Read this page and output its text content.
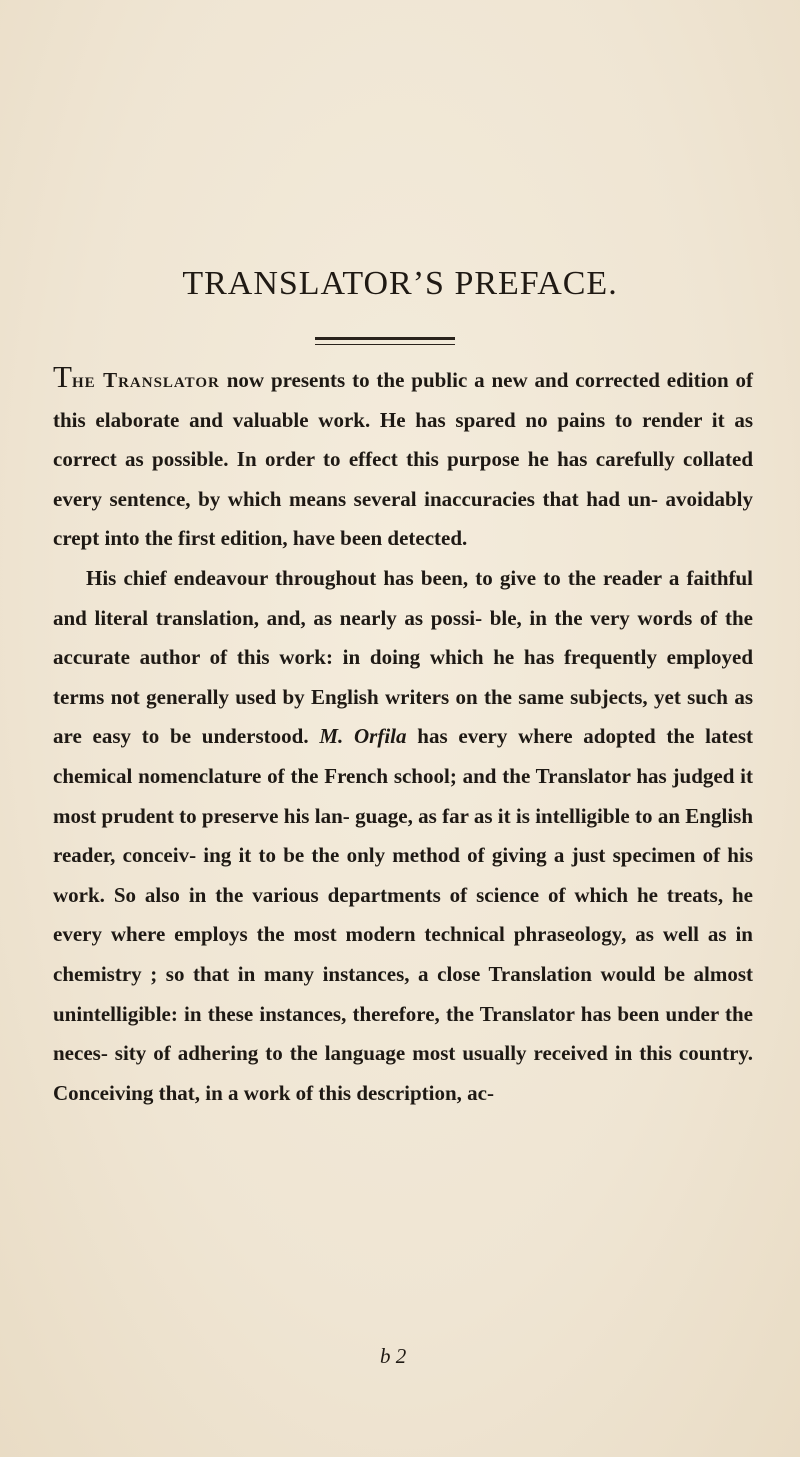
TRANSLATOR’S PREFACE.

The Translator now presents to the public a new and corrected edition of this elaborate and valuable work. He has spared no pains to render it as correct as possible. In order to effect this purpose he has carefully collated every sentence, by which means several inaccuracies that had un- avoidably crept into the first edition, have been detected.

His chief endeavour throughout has been, to give to the reader a faithful and literal translation, and, as nearly as possi- ble, in the very words of the accurate author of this work: in doing which he has frequently employed terms not generally used by English writers on the same subjects, yet such as are easy to be understood. M. Orfila has every where adopted the latest chemical nomenclature of the French school; and the Translator has judged it most prudent to preserve his lan- guage, as far as it is intelligible to an English reader, conceiv- ing it to be the only method of giving a just specimen of his work. So also in the various departments of science of which he treats, he every where employs the most modern technical phraseology, as well as in chemistry ; so that in many instances, a close Translation would be almost unintelligible: in these instances, therefore, the Translator has been under the neces- sity of adhering to the language most usually received in this country. Conceiving that, in a work of this description, ac-

b 2
